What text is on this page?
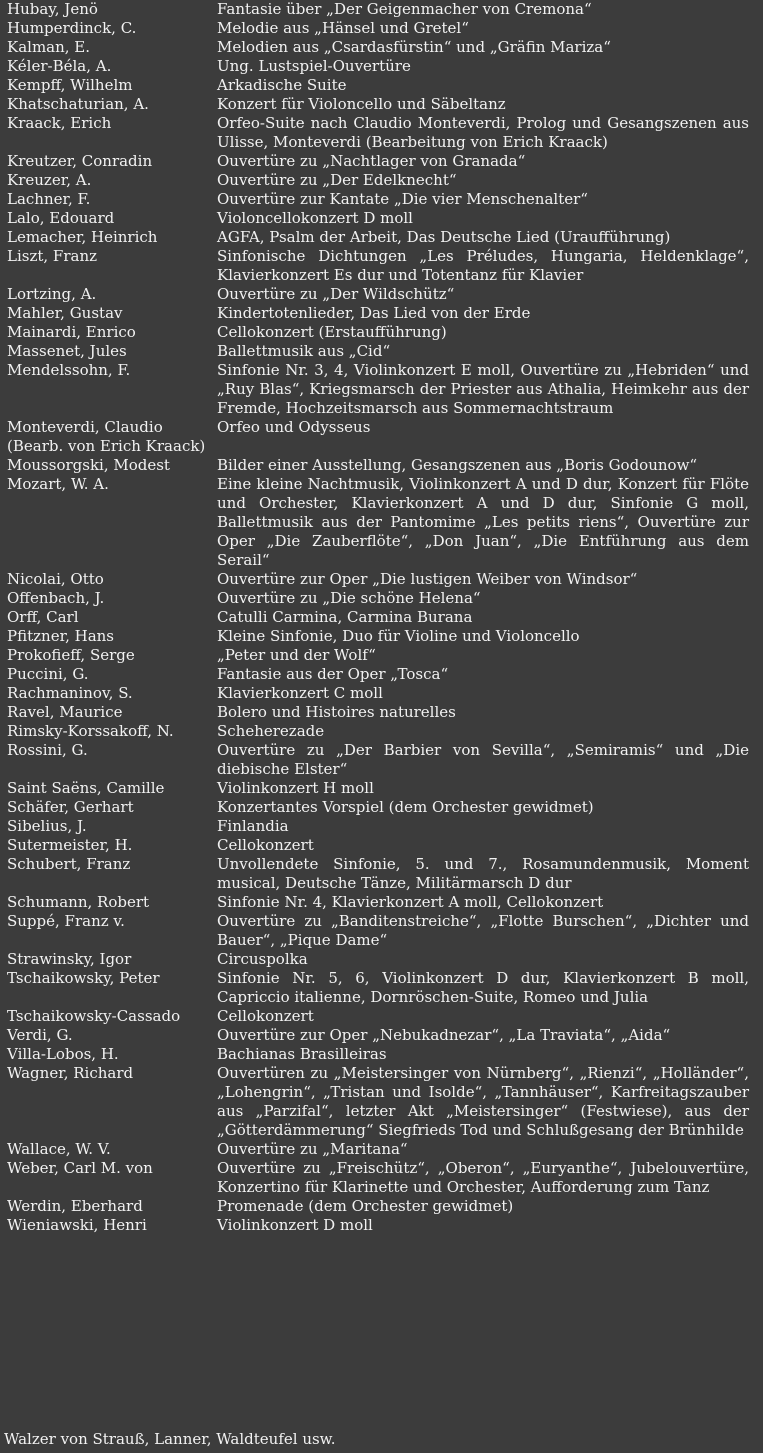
Hubay, Jenö	Fantasie über „Der Geigenmacher von Cremona“
Humperdinck, C.	Melodie aus „Hänsel und Gretel“
Kalman, E.	Melodien aus „Csardasfürstin“ und „Gräfin Mariza“
Kéler-Béla, A.	Ung. Lustspiel-Ouvertüre
Kempff, Wilhelm	Arkadische Suite
Khatschaturian, A.	Konzert für Violoncello und Säbeltanz
Kraack, Erich	Orfeo-Suite nach Claudio Monteverdi, Prolog und Gesangszenen aus Ulisse, Monteverdi (Bearbeitung von Erich Kraack)
Kreutzer, Conradin	Ouvertüre zu „Nachtlager von Granada“
Kreuzer, A.	Ouvertüre zu „Der Edelknecht“
Lachner, F.	Ouvertüre zur Kantate „Die vier Menschenalter“
Lalo, Edouard	Violoncellokonzert D moll
Lemacher, Heinrich	AGFA, Psalm der Arbeit, Das Deutsche Lied (Uraufführung)
Liszt, Franz	Sinfonische Dichtungen „Les Préludes, Hungaria, Heldenklage“, Klavierkonzert Es dur und Totentanz für Klavier
Lortzing, A.	Ouvertüre zu „Der Wildschütz“
Mahler, Gustav	Kindertotenlieder, Das Lied von der Erde
Mainardi, Enrico	Cellokonzert (Erstaufführung)
Massenet, Jules	Ballettmusik aus „Cid“
Mendelssohn, F.	Sinfonie Nr. 3, 4, Violinkonzert E moll, Ouvertüre zu „Hebriden“ und „Ruy Blas“, Kriegsmarsch der Priester aus Athalia, Heimkehr aus der Fremde, Hochzeitsmarsch aus Sommernachtstraum
Monteverdi, Claudio	Orfeo und Odysseus
(Bearb. von Erich Kraack)
Moussorgski, Modest	Bilder einer Ausstellung, Gesangszenen aus „Boris Godounow“
Mozart, W. A.	Eine kleine Nachtmusik, Violinkonzert A und D dur, Konzert für Flöte und Orchester, Klavierkonzert A und D dur, Sinfonie G moll, Ballettmusik aus der Pantomime „Les petits riens“, Ouvertüre zur Oper „Die Zauberflöte“, „Don Juan“, „Die Entführung aus dem Serail“
Nicolai, Otto	Ouvertüre zur Oper „Die lustigen Weiber von Windsor“
Offenbach, J.	Ouvertüre zu „Die schöne Helena“
Orff, Carl	Catulli Carmina, Carmina Burana
Pfitzner, Hans	Kleine Sinfonie, Duo für Violine und Violoncello
Prokofieff, Serge	„Peter und der Wolf“
Puccini, G.	Fantasie aus der Oper „Tosca“
Rachmaninov, S.	Klavierkonzert C moll
Ravel, Maurice	Bolero und Histoires naturelles
Rimsky-Korssakoff, N.	Scheherezade
Rossini, G.	Ouvertüre zu „Der Barbier von Sevilla“, „Semiramis“ und „Die diebische Elster“
Saint Saëns, Camille	Violinkonzert H moll
Schäfer, Gerhart	Konzertantes Vorspiel (dem Orchester gewidmet)
Sibelius, J.	Finlandia
Sutermeister, H.	Cellokonzert
Schubert, Franz	Unvollendete Sinfonie, 5. und 7., Rosamundenmusik, Moment musical, Deutsche Tänze, Militärmarsch D dur
Schumann, Robert	Sinfonie Nr. 4, Klavierkonzert A moll, Cellokonzert
Suppé, Franz v.	Ouvertüre zu „Banditenstreiche“, „Flotte Burschen“, „Dichter und Bauer“, „Pique Dame“
Strawinsky, Igor	Circuspolka
Tschaikowsky, Peter	Sinfonie Nr. 5, 6, Violinkonzert D dur, Klavierkonzert B moll, Capriccio italienne, Dornröschen-Suite, Romeo und Julia
Tschaikowsky-Cassado	Cellokonzert
Verdi, G.	Ouvertüre zur Oper „Nebukadnezar“, „La Traviata“, „Aida“
Villa-Lobos, H.	Bachianas Brasilleiras
Wagner, Richard	Ouvertüren zu „Meistersinger von Nürnberg“, „Rienzi“, „Holländer“, „Lohengrin“, „Tristan und Isolde“, „Tannhäuser“, Karfreitagszauber aus „Parzifal“, letzter Akt „Meistersinger“ (Festwiese), aus der „Götterdämmerung“ Siegfrieds Tod und Schlußgesang der Brünhilde
Wallace, W. V.	Ouvertüre zu „Maritana“
Weber, Carl M. von	Ouvertüre zu „Freischütz“, „Oberon“, „Euryanthe“, Jubelouvertüre, Konzertino für Klarinette und Orchester, Aufforderung zum Tanz
Werdin, Eberhard	Promenade (dem Orchester gewidmet)
Wieniawski, Henri	Violinkonzert D moll
Walzer von Strauß, Lanner, Waldteufel usw.
